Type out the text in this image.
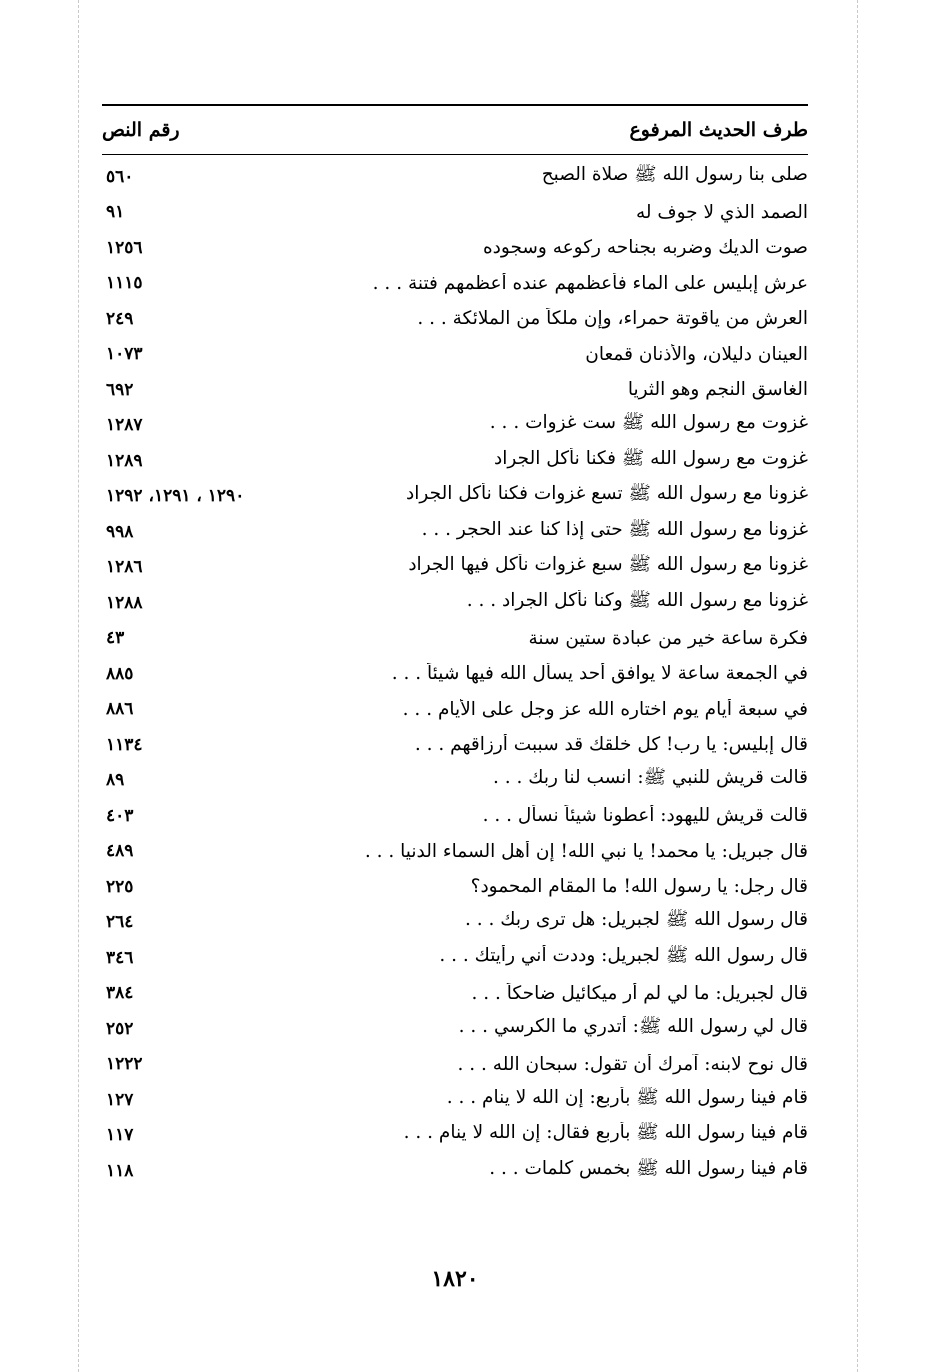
طرف الحديث المرفوع
رقم النص
صلى بنا رسول الله ﷺ صلاة الصبح
٥٦٠
الصمد الذي لا جوف له
٩١
صوت الديك وضربه بجناحه ركوعه وسجوده
١٢٥٦
عرش إبليس على الماء فأعظمهم عنده أعظمهم فتنة . . .
١١١٥
العرش من ياقوتة حمراء، وإن ملكاً من الملائكة . . .
٢٤٩
العينان دليلان، والأذنان قمعان
١٠٧٣
الغاسق النجم وهو الثريا
٦٩٢
غزوت مع رسول الله ﷺ ست غزوات . . .
١٢٨٧
غزوت مع رسول الله ﷺ فكنا نأكل الجراد
١٢٨٩
غزونا مع رسول الله ﷺ تسع غزوات فكنا نأكل الجراد
١٢٩٠ ، ١٢٩١، ١٢٩٢
غزونا مع رسول الله ﷺ حتى إذا كنا عند الحجر . . .
٩٩٨
غزونا مع رسول الله ﷺ سبع غزوات نأكل فيها الجراد
١٢٨٦
غزونا مع رسول الله ﷺ وكنا نأكل الجراد . . .
١٢٨٨
فكرة ساعة خير من عبادة ستين سنة
٤٣
في الجمعة ساعة لا يوافق أحد يسأل الله فيها شيئاً . . .
٨٨٥
في سبعة أيام يوم اختاره الله عز وجل على الأيام . . .
٨٨٦
قال إبليس: يا رب! كل خلقك قد سببت أرزاقهم . . .
١١٣٤
قالت قريش للنبي ﷺ: انسب لنا ربك . . .
٨٩
قالت قريش لليهود: أعطونا شيئاً نسأل . . .
٤٠٣
قال جبريل: يا محمد! يا نبي الله! إن أهل السماء الدنيا . . .
٤٨٩
قال رجل: يا رسول الله! ما المقام المحمود؟
٢٢٥
قال رسول الله ﷺ لجبريل: هل ترى ربك . . .
٢٦٤
قال رسول الله ﷺ لجبريل: وددت أني رأيتك . . .
٣٤٦
قال لجبريل: ما لي لم أر ميكائيل ضاحكاً . . .
٣٨٤
قال لي رسول الله ﷺ: أتدري ما الكرسي . . .
٢٥٢
قال نوح لابنه: آمرك أن تقول: سبحان الله . . .
١٢٢٢
قام فينا رسول الله ﷺ بأربع: إن الله لا ينام . . .
١٢٧
قام فينا رسول الله ﷺ بأربع فقال: إن الله لا ينام . . .
١١٧
قام فينا رسول الله ﷺ بخمس كلمات . . .
١١٨
١٨٢٠
